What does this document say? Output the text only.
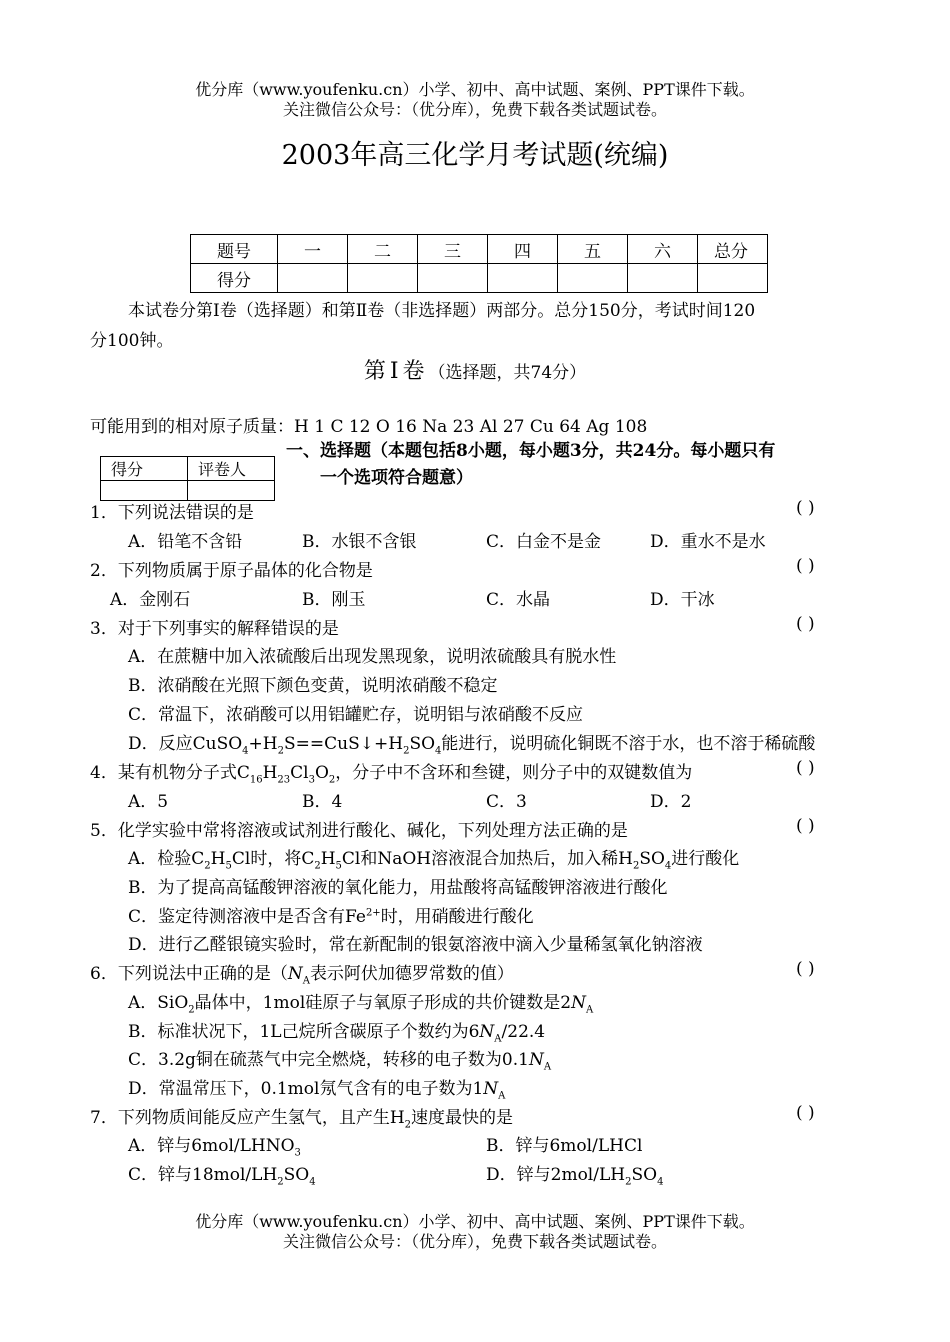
优分库（www.youfenku.cn）小学、初中、高中试题、案例、PPT课件下载。
关注微信公众号：（优分库），免费下载各类试题试卷。
2003年高三化学月考试题(统编)
题号	一	二	三	四	五	六	总分
得分							
本试卷分第Ⅰ卷（选择题）和第Ⅱ卷（非选择题）两部分。总分150分，考试时间120
分100钟。
第Ⅰ卷（选择题，共74分）
可能用到的相对原子质量：H 1 C 12 O 16 Na 23 Al 27 Cu 64 Ag 108
得分	评卷人

一、选择题（本题包括8小题，每小题3分，共24分。每小题只有
一个选项符合题意）
1．下列说法错误的是	( )
A．铅笔不含铅	B．水银不含银	C．白金不是金	D．重水不是水
2．下列物质属于原子晶体的化合物是	( )
A．金刚石	B．刚玉	C．水晶	D．干冰
3．对于下列事实的解释错误的是	( )
A．在蔗糖中加入浓硫酸后出现发黑现象，说明浓硫酸具有脱水性
B．浓硝酸在光照下颜色变黄，说明浓硝酸不稳定
C．常温下，浓硝酸可以用铝罐贮存，说明铝与浓硝酸不反应
D．反应$CuSO_4+H_2S==CuS↓+H_2SO_4$能进行，说明硫化铜既不溶于水，也不溶于稀硫酸
4．某有机物分子式$C_{16}H_{23}Cl_3O_2$，分子中不含环和叁键，则分子中的双键数值为	( )
A．5	B．4	C．3	D．2
5．化学实验中常将溶液或试剂进行酸化、碱化，下列处理方法正确的是	( )
A．检验$C_2H_5Cl$时，将$C_2H_5Cl$和NaOH溶液混合加热后，加入稀$H_2SO_4$进行酸化
B．为了提高高锰酸钾溶液的氧化能力，用盐酸将高锰酸钾溶液进行酸化
C．鉴定待测溶液中是否含有$Fe^{2+}$时，用硝酸进行酸化
D．进行乙醛银镜实验时，常在新配制的银氨溶液中滴入少量稀氢氧化钠溶液
6．下列说法中正确的是（$N_A$表示阿伏加德罗常数的值）	( )
A．SiO$_2$晶体中，1mol硅原子与氧原子形成的共价键数是$2N_A$
B．标准状况下，1L己烷所含碳原子个数约为$6N_A/22.4$
C．3.2g铜在硫蒸气中完全燃烧，转移的电子数为$0.1N_A$
D．常温常压下，0.1mol氖气含有的电子数为$1N_A$
7．下列物质间能反应产生氢气，且产生$H_2$速度最快的是	( )
A．锌与$6mol/LHNO_3$	B．锌与6mol/LHCl
C．锌与$18mol/LH_2SO_4$	D．锌与$2mol/LH_2SO_4$
优分库（www.youfenku.cn）小学、初中、高中试题、案例、PPT课件下载。
关注微信公众号：（优分库），免费下载各类试题试卷。
